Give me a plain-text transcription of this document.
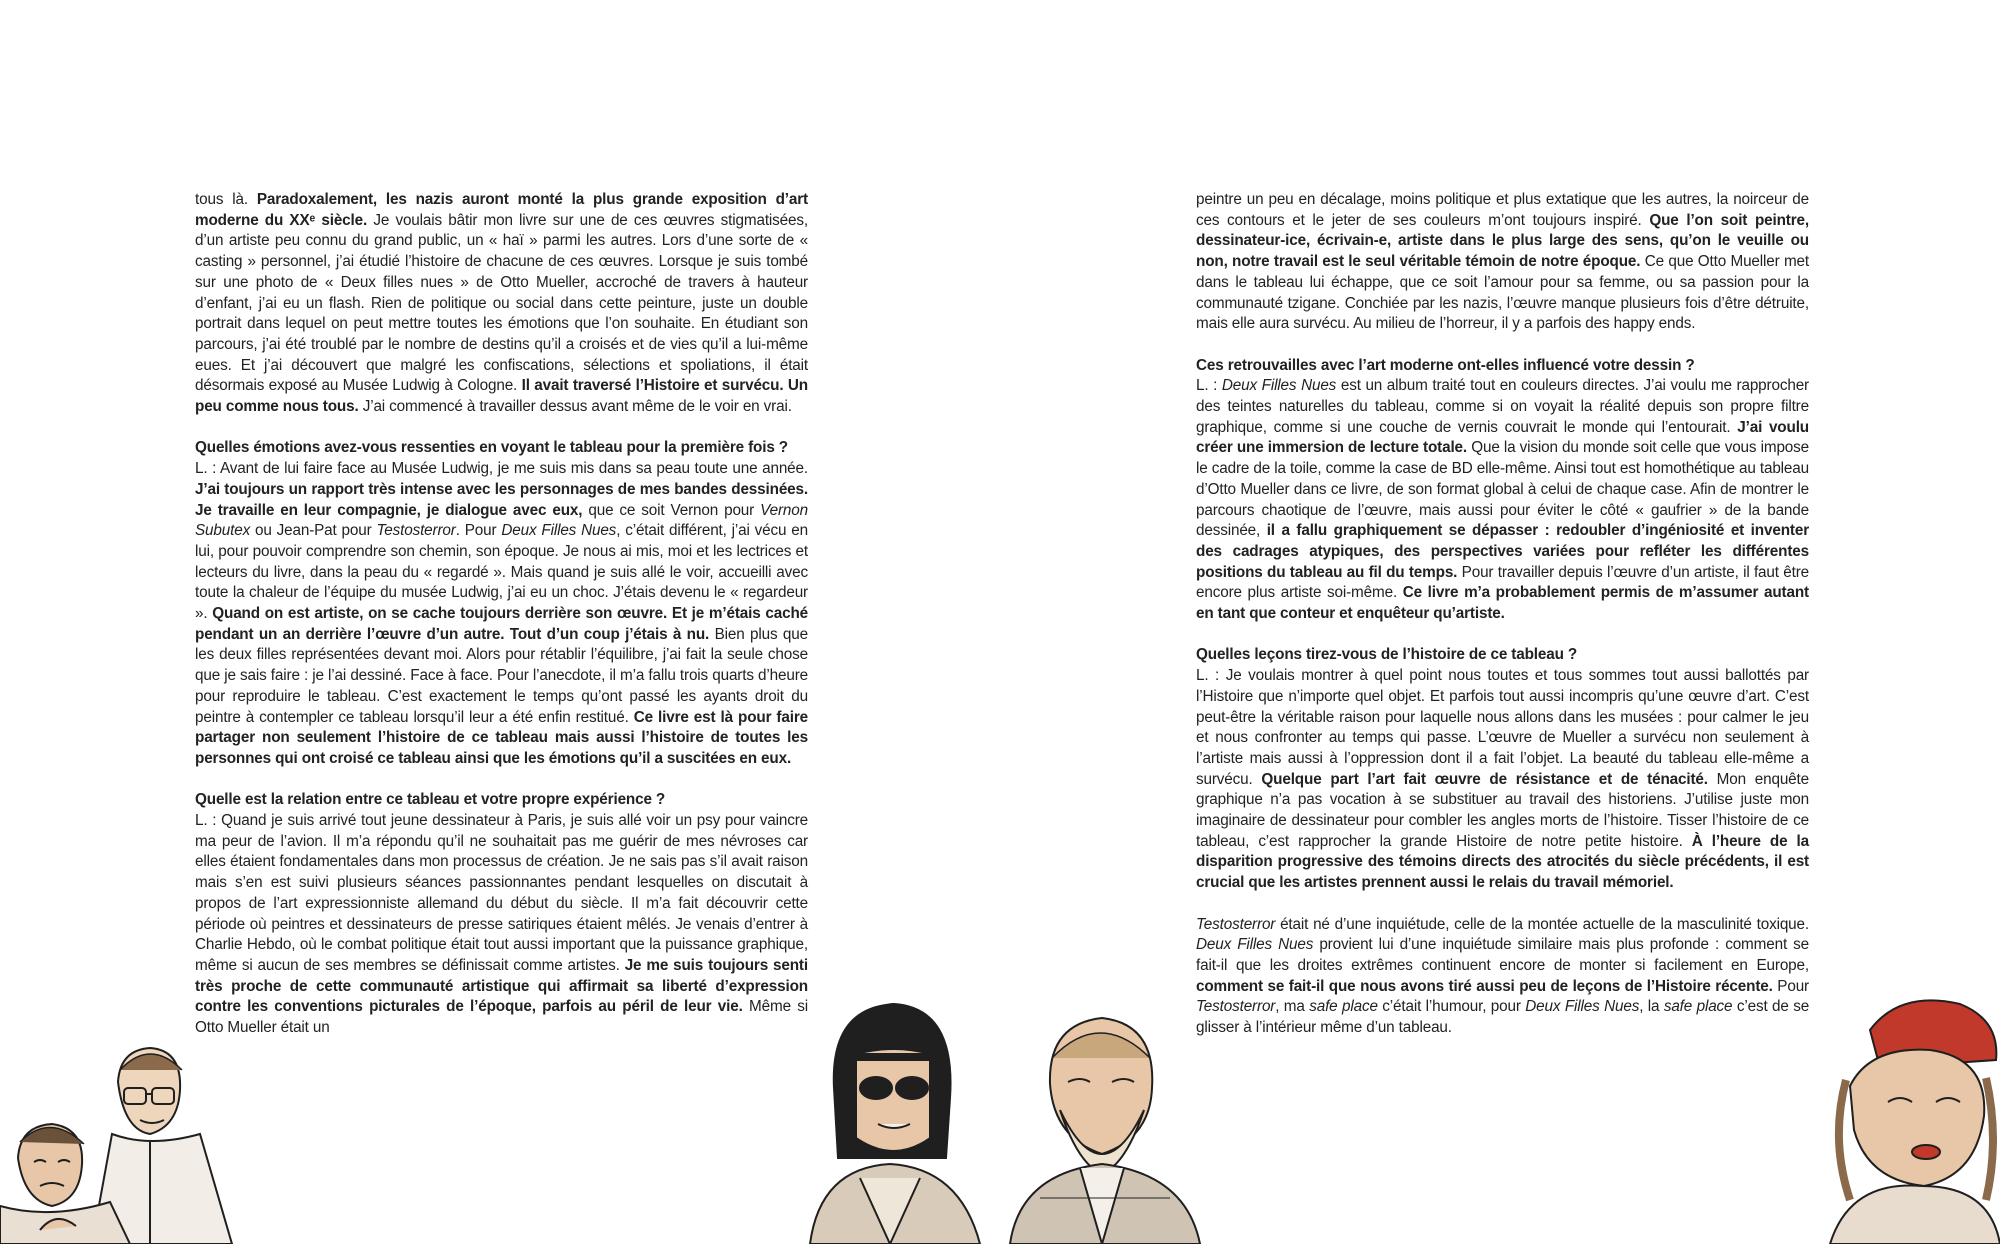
tous là. Paradoxalement, les nazis auront monté la plus grande exposition d’art moderne du XXᵉ siècle. Je voulais bâtir mon livre sur une de ces œuvres stigmatisées, d’un artiste peu connu du grand public, un « haï » parmi les autres. Lors d’une sorte de « casting » personnel, j’ai étudié l’histoire de chacune de ces œuvres. Lorsque je suis tombé sur une photo de « Deux filles nues » de Otto Mueller, accroché de travers à hauteur d’enfant, j’ai eu un flash. Rien de politique ou social dans cette peinture, juste un double portrait dans lequel on peut mettre toutes les émotions que l’on souhaite. En étudiant son parcours, j’ai été troublé par le nombre de destins qu’il a croisés et de vies qu’il a lui-même eues. Et j’ai découvert que malgré les confiscations, sélections et spoliations, il était désormais exposé au Musée Ludwig à Cologne. Il avait traversé l’Histoire et survécu. Un peu comme nous tous. J’ai commencé à travailler dessus avant même de le voir en vrai.

Quelles émotions avez-vous ressenties en voyant le tableau pour la première fois ?

L. : Avant de lui faire face au Musée Ludwig, je me suis mis dans sa peau toute une année. J’ai toujours un rapport très intense avec les personnages de mes bandes dessinées. Je travaille en leur compagnie, je dialogue avec eux, que ce soit Vernon pour Vernon Subutex ou Jean-Pat pour Testosterror. Pour Deux Filles Nues, c’était différent, j’ai vécu en lui, pour pouvoir comprendre son chemin, son époque. Je nous ai mis, moi et les lectrices et lecteurs du livre, dans la peau du « regardé ». Mais quand je suis allé le voir, accueilli avec toute la chaleur de l’équipe du musée Ludwig, j’ai eu un choc. J’étais devenu le « regardeur ». Quand on est artiste, on se cache toujours derrière son œuvre. Et je m’étais caché pendant un an derrière l’œuvre d’un autre. Tout d’un coup j’étais à nu. Bien plus que les deux filles représentées devant moi. Alors pour rétablir l’équilibre, j’ai fait la seule chose que je sais faire : je l’ai dessiné. Face à face. Pour l’anecdote, il m’a fallu trois quarts d’heure pour reproduire le tableau. C’est exactement le temps qu’ont passé les ayants droit du peintre à contempler ce tableau lorsqu’il leur a été enfin restitué. Ce livre est là pour faire partager non seulement l’histoire de ce tableau mais aussi l’histoire de toutes les personnes qui ont croisé ce tableau ainsi que les émotions qu’il a suscitées en eux.

Quelle est la relation entre ce tableau et votre propre expérience ?

L. : Quand je suis arrivé tout jeune dessinateur à Paris, je suis allé voir un psy pour vaincre ma peur de l’avion. Il m’a répondu qu’il ne souhaitait pas me guérir de mes névroses car elles étaient fondamentales dans mon processus de création. Je ne sais pas s’il avait raison mais s’en est suivi plusieurs séances passionnantes pendant lesquelles on discutait à propos de l’art expressionniste allemand du début du siècle. Il m’a fait découvrir cette période où peintres et dessinateurs de presse satiriques étaient mêlés. Je venais d’entrer à Charlie Hebdo, où le combat politique était tout aussi important que la puissance graphique, même si aucun de ses membres se définissait comme artistes. Je me suis toujours senti très proche de cette communauté artistique qui affirmait sa liberté d’expression contre les conventions picturales de l’époque, parfois au péril de leur vie. Même si Otto Mueller était un

peintre un peu en décalage, moins politique et plus extatique que les autres, la noirceur de ces contours et le jeter de ses couleurs m’ont toujours inspiré. Que l’on soit peintre, dessinateur-ice, écrivain-e, artiste dans le plus large des sens, qu’on le veuille ou non, notre travail est le seul véritable témoin de notre époque. Ce que Otto Mueller met dans le tableau lui échappe, que ce soit l’amour pour sa femme, ou sa passion pour la communauté tzigane. Conchiée par les nazis, l’œuvre manque plusieurs fois d’être détruite, mais elle aura survécu. Au milieu de l’horreur, il y a parfois des happy ends.

Ces retrouvailles avec l’art moderne ont-elles influencé votre dessin ?

L. : Deux Filles Nues est un album traité tout en couleurs directes. J’ai voulu me rapprocher des teintes naturelles du tableau, comme si on voyait la réalité depuis son propre filtre graphique, comme si une couche de vernis couvrait le monde qui l’entourait. J’ai voulu créer une immersion de lecture totale. Que la vision du monde soit celle que vous impose le cadre de la toile, comme la case de BD elle-même. Ainsi tout est homothétique au tableau d’Otto Mueller dans ce livre, de son format global à celui de chaque case. Afin de montrer le parcours chaotique de l’œuvre, mais aussi pour éviter le côté « gaufrier » de la bande dessinée, il a fallu graphiquement se dépasser : redoubler d’ingéniosité et inventer des cadrages atypiques, des perspectives variées pour refléter les différentes positions du tableau au fil du temps. Pour travailler depuis l’œuvre d’un artiste, il faut être encore plus artiste soi-même. Ce livre m’a probablement permis de m’assumer autant en tant que conteur et enquêteur qu’artiste.

Quelles leçons tirez-vous de l’histoire de ce tableau ?

L. : Je voulais montrer à quel point nous toutes et tous sommes tout aussi ballottés par l’Histoire que n’importe quel objet. Et parfois tout aussi incompris qu’une œuvre d’art. C’est peut-être la véritable raison pour laquelle nous allons dans les musées : pour calmer le jeu et nous confronter au temps qui passe. L’œuvre de Mueller a survécu non seulement à l’artiste mais aussi à l’oppression dont il a fait l’objet. La beauté du tableau elle-même a survécu. Quelque part l’art fait œuvre de résistance et de ténacité. Mon enquête graphique n’a pas vocation à se substituer au travail des historiens. J’utilise juste mon imaginaire de dessinateur pour combler les angles morts de l’histoire. Tisser l’histoire de ce tableau, c’est rapprocher la grande Histoire de notre petite histoire. À l’heure de la disparition progressive des témoins directs des atrocités du siècle précédents, il est crucial que les artistes prennent aussi le relais du travail mémoriel.

Testosterror était né d’une inquiétude, celle de la montée actuelle de la masculinité toxique. Deux Filles Nues provient lui d’une inquiétude similaire mais plus profonde : comment se fait-il que les droites extrêmes continuent encore de monter si facilement en Europe, comment se fait-il que nous avons tiré aussi peu de leçons de l’Histoire récente. Pour Testosterror, ma safe place c’était l’humour, pour Deux Filles Nues, la safe place c’est de se glisser à l’intérieur même d’un tableau.
